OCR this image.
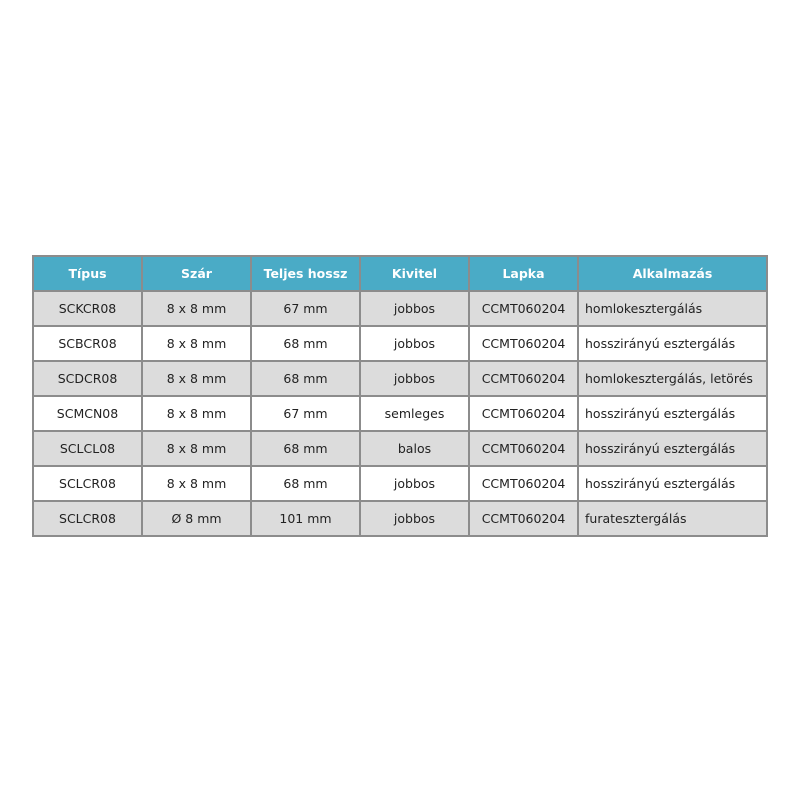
Típus	Szár	Teljes hossz	Kivitel	Lapka	Alkalmazás
SCKCR08	8 x 8 mm	67 mm	jobbos	CCMT060204	homlokesztergálás
SCBCR08	8 x 8 mm	68 mm	jobbos	CCMT060204	hosszirányú esztergálás
SCDCR08	8 x 8 mm	68 mm	jobbos	CCMT060204	homlokesztergálás, letörés
SCMCN08	8 x 8 mm	67 mm	semleges	CCMT060204	hosszirányú esztergálás
SCLCL08	8 x 8 mm	68 mm	balos	CCMT060204	hosszirányú esztergálás
SCLCR08	8 x 8 mm	68 mm	jobbos	CCMT060204	hosszirányú esztergálás
SCLCR08	Ø 8 mm	101 mm	jobbos	CCMT060204	furatesztergálás
